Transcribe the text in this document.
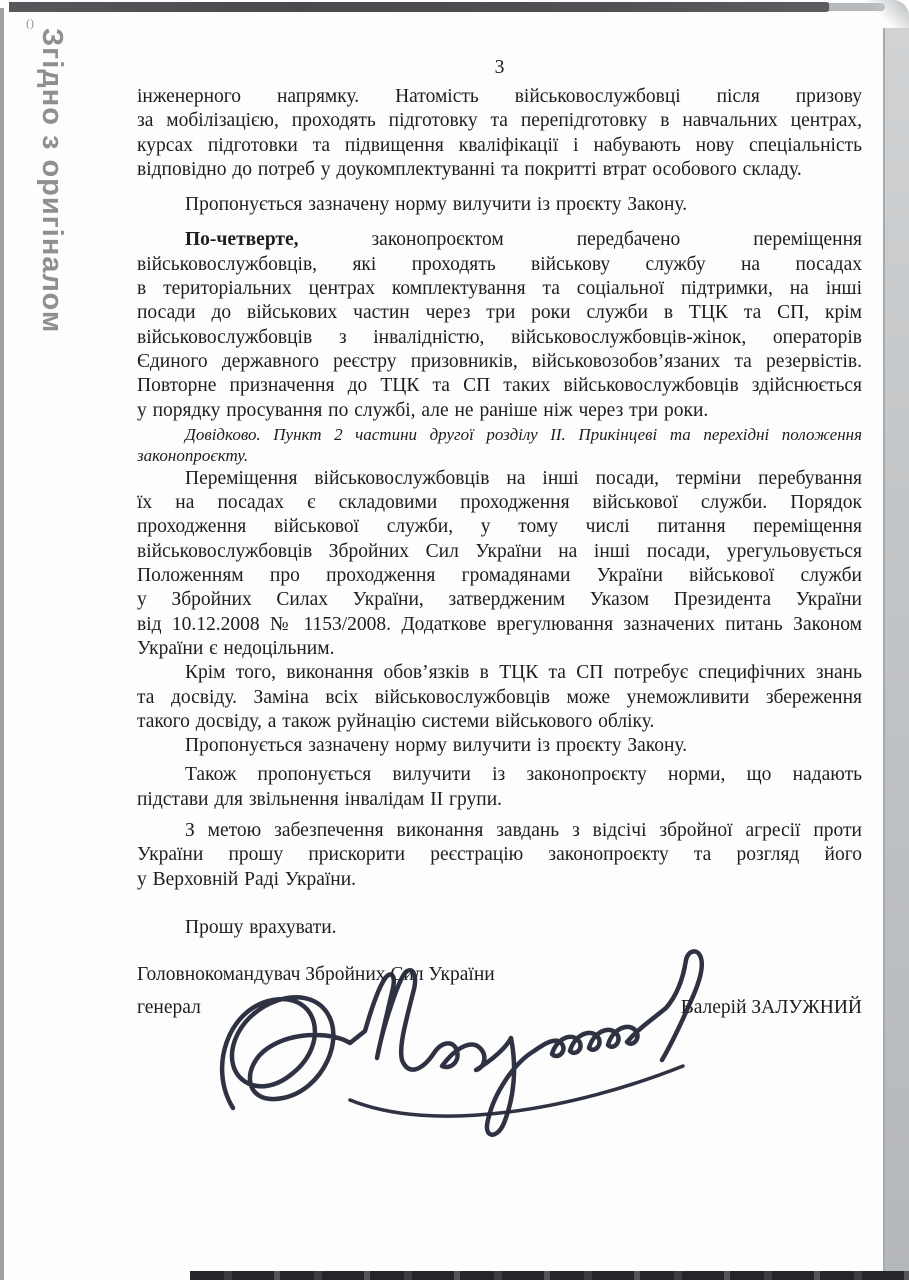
()
Згідно з оригіналом	3
інженерного напрямку. Натомість військовослужбовці після призову
за мобілізацією, проходять підготовку та перепідготовку в навчальних центрах,
курсах підготовки та підвищення кваліфікації і набувають нову спеціальність
відповідно до потреб у доукомплектуванні та покритті втрат особового складу.
Пропонується зазначену норму вилучити із проєкту Закону.
По-четверте, законопроєктом передбачено переміщення
військовослужбовців, які проходять військову службу на посадах
в територіальних центрах комплектування та соціальної підтримки, на інші
посади до військових частин через три роки служби в ТЦК та СП, крім
військовослужбовців з інвалідністю, військовослужбовців-жінок, операторів
Єдиного державного реєстру призовників, військовозобов’язаних та резервістів.
Повторне призначення до ТЦК та СП таких військовослужбовців здійснюється
у порядку просування по службі, але не раніше ніж через три роки.
Довідково. Пункт 2 частини другої розділу ІІ. Прикінцеві та перехідні положення
законопроєкту.
Переміщення військовослужбовців на інші посади, терміни перебування
їх на посадах є складовими проходження військової служби. Порядок
проходження військової служби, у тому числі питання переміщення
військовослужбовців Збройних Сил України на інші посади, урегульовується
Положенням про проходження громадянами України військової служби
у Збройних Силах України, затвердженим Указом Президента України
від 10.12.2008 № 1153/2008. Додаткове врегулювання зазначених питань Законом
України є недоцільним.
Крім того, виконання обов’язків в ТЦК та СП потребує специфічних знань
та досвіду. Заміна всіх військовослужбовців може унеможливити збереження
такого досвіду, а також руйнацію системи військового обліку.
Пропонується зазначену норму вилучити із проєкту Закону.
Також пропонується вилучити із законопроєкту норми, що надають
підстави для звільнення інвалідам ІІ групи.
З метою забезпечення виконання завдань з відсічі збройної агресії проти
України прошу прискорити реєстрацію законопроєкту та розгляд його
у Верховній Раді України.
Прошу врахувати.
Головнокомандувач Збройних Сил України
генерал	Валерій ЗАЛУЖНИЙ
